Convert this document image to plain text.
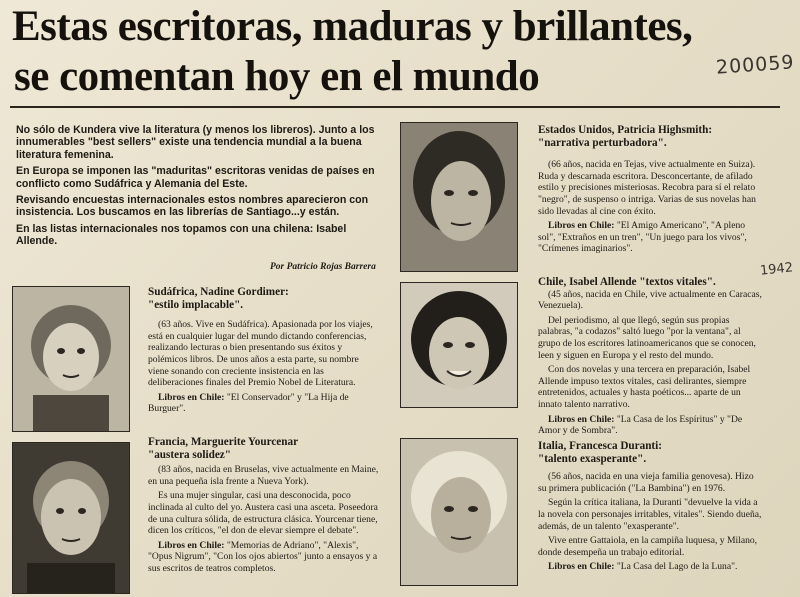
Estas escritoras, maduras y brillantes,
se comentan hoy en el mundo	200059

No sólo de Kundera vive la literatura (y menos los libreros). Junto a los innumerables "best sellers" existe una tendencia mundial a la buena literatura femenina.

En Europa se imponen las "maduritas" escritoras venidas de países en conflicto como Sudáfrica y Alemania del Este.

Revisando encuestas internacionales estos nombres aparecieron con insistencia. Los buscamos en las librerías de Santiago...y están.

En las listas internacionales nos topamos con una chilena: Isabel Allende.

Por Patricio Rojas Barrera

Estados Unidos, Patricia Highsmith:

"narrativa perturbadora".

(66 años, nacida en Tejas, vive actualmente en Suiza). Ruda y descarnada escritora. Desconcertante, de afilado estilo y precisiones misteriosas. Recobra para sí el relato "negro", de suspenso o intriga. Varias de sus novelas han sido llevadas al cine con éxito.

Libros en Chile: "El Amigo Americano", "A pleno sol", "Extraños en un tren", "Un juego para los vivos", "Crímenes imaginarios".

1942

Chile, Isabel Allende "textos vitales".

(45 años, nacida en Chile, vive actualmente en Caracas, Venezuela).

Del periodismo, al que llegó, según sus propias palabras, "a codazos" saltó luego "por la ventana", al grupo de los escritores latinoamericanos que se conocen, leen y siguen en Europa y el resto del mundo.

Con dos novelas y una tercera en preparación, Isabel Allende impuso textos vitales, casi delirantes, siempre entretenidos, actuales y hasta poéticos... aparte de un innato talento narrativo.

Libros en Chile: "La Casa de los Espíritus" y "De Amor y de Sombra".

Sudáfrica, Nadine Gordimer:

"estilo implacable".

(63 años. Vive en Sudáfrica). Apasionada por los viajes, está en cualquier lugar del mundo dictando conferencias, realizando lecturas o bien presentando sus éxitos y polémicos libros. De unos años a esta parte, su nombre viene sonando con creciente insistencia en las deliberaciones finales del Premio Nobel de Literatura.

Libros en Chile: "El Conservador" y "La Hija de Burguer".

Francia, Marguerite Yourcenar

"austera solidez"

(83 años, nacida en Bruselas, vive actualmente en Maine, en una pequeña isla frente a Nueva York).

Es una mujer singular, casi una desconocida, poco inclinada al culto del yo. Austera casi una asceta. Poseedora de una cultura sólida, de estructura clásica. Yourcenar tiene, dicen los críticos, "el don de elevar siempre el debate".

Libros en Chile: "Memorias de Adriano", "Alexis", "Opus Nigrum", "Con los ojos abiertos" junto a ensayos y a sus escritos de teatros completos.

Italia, Francesca Duranti:

"talento exasperante".

(56 años, nacida en una vieja familia genovesa). Hizo su primera publicación ("La Bambina") en 1976.

Según la crítica italiana, la Duranti "devuelve la vida a la novela con personajes irritables, vitales". Siendo dueña, además, de un talento "exasperante".

Vive entre Gattaiola, en la campiña luquesa, y Milano, donde desempeña un trabajo editorial.

Libros en Chile: "La Casa del Lago de la Luna".
